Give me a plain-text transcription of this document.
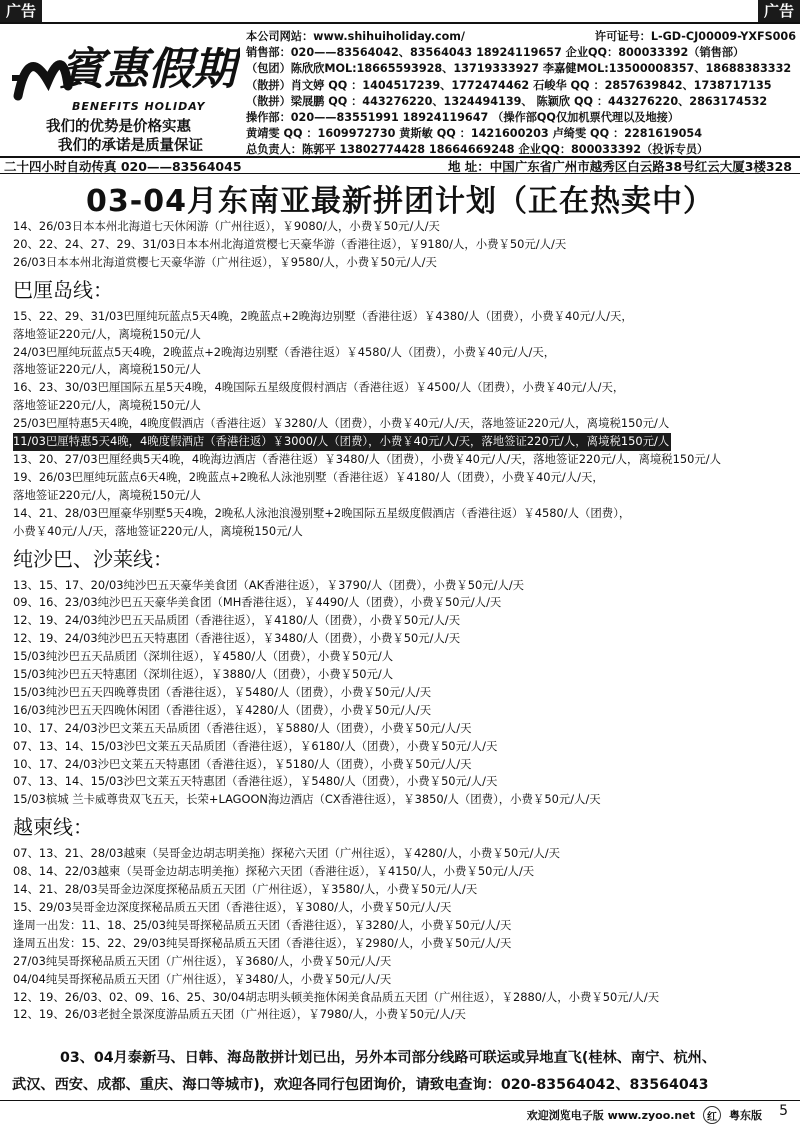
广告	广告
賓惠假期
BENEFITS HOLIDAY
我们的优势是价格实惠
我们的承诺是质量保证
本公司网站：www.shihuiholiday.com/	许可证号：L-GD-CJ00009-YXFS006
销售部：020——83564042、83564043 18924119657 企业QQ：800033392（销售部）
（包团）陈欣欣MOL:18665593928、13719333927 李嘉健MOL:13500008357、18688383332
（散拼）肖文婷 QQ ：1404517239、1772474462 石峻华 QQ ：2857639842、1738717135
（散拼）梁展鹏 QQ ：443276220、1324494139、 陈颖欣 QQ ：443276220、2863174532
操作部：020——83551991 18924119647 （操作部QQ仅加机票代理以及地接）
黄靖雯 QQ ：1609972730 黄斯敏 QQ ：1421600203 卢绮雯 QQ ：2281619054
总负责人：陈郭平 13802774428 18664669248 企业QQ：800033392（投诉专员）
二十四小时自动传真 020——83564045	地 址：中国广东省广州市越秀区白云路38号红云大厦3楼328
03-04月东南亚最新拼团计划（正在热卖中）
14、26/03日本本州北海道七天休闲游（广州往返），￥9080/人，小费￥50元/人/天
20、22、24、27、29、31/03日本本州北海道赏樱七天豪华游（香港往返），￥9180/人，小费￥50元/人/天
26/03日本本州北海道赏樱七天豪华游（广州往返），￥9580/人，小费￥50元/人/天
巴厘岛线：
15、22、29、31/03巴厘纯玩蓝点5天4晚，2晚蓝点+2晚海边别墅（香港往返）￥4380/人（团费），小费￥40元/人/天，
落地签证220元/人，离境税150元/人
24/03巴厘纯玩蓝点5天4晚，2晚蓝点+2晚海边别墅（香港往返）￥4580/人（团费），小费￥40元/人/天，
落地签证220元/人，离境税150元/人
16、23、30/03巴厘国际五星5天4晚，4晚国际五星级度假村酒店（香港往返）￥4500/人（团费），小费￥40元/人/天，
落地签证220元/人，离境税150元/人
25/03巴厘特惠5天4晚，4晚度假酒店（香港往返）￥3280/人（团费），小费￥40元/人/天，落地签证220元/人，离境税150元/人
11/03巴厘特惠5天4晚，4晚度假酒店（香港往返）￥3000/人（团费），小费￥40元/人/天，落地签证220元/人，离境税150元/人
13、20、27/03巴厘经典5天4晚，4晚海边酒店（香港往返）￥3480/人（团费），小费￥40元/人/天，落地签证220元/人，离境税150元/人
19、26/03巴厘纯玩蓝点6天4晚，2晚蓝点+2晚私人泳池别墅（香港往返）￥4180/人（团费），小费￥40元/人/天，
落地签证220元/人，离境税150元/人
14、21、28/03巴厘豪华别墅5天4晚，2晚私人泳池浪漫别墅+2晚国际五星级度假酒店（香港往返）￥4580/人（团费），
小费￥40元/人/天，落地签证220元/人，离境税150元/人
纯沙巴、沙莱线：
13、15、17、20/03纯沙巴五天豪华美食团（AK香港往返），￥3790/人（团费），小费￥50元/人/天
09、16、23/03纯沙巴五天豪华美食团（MH香港往返），￥4490/人（团费），小费￥50元/人/天
12、19、24/03纯沙巴五天品质团（香港往返），￥4180/人（团费），小费￥50元/人/天
12、19、24/03纯沙巴五天特惠团（香港往返），￥3480/人（团费），小费￥50元/人/天
15/03纯沙巴五天品质团（深圳往返），￥4580/人（团费），小费￥50元/人
15/03纯沙巴五天特惠团（深圳往返），￥3880/人（团费），小费￥50元/人
15/03纯沙巴五天四晚尊贵团（香港往返），￥5480/人（团费），小费￥50元/人/天
16/03纯沙巴五天四晚休闲团（香港往返），￥4280/人（团费），小费￥50元/人/天
10、17、24/03沙巴文莱五天品质团（香港往返），￥5880/人（团费），小费￥50元/人/天
07、13、14、15/03沙巴文莱五天品质团（香港往返），￥6180/人（团费），小费￥50元/人/天
10、17、24/03沙巴文莱五天特惠团（香港往返），￥5180/人（团费），小费￥50元/人/天
07、13、14、15/03沙巴文莱五天特惠团（香港往返），￥5480/人（团费），小费￥50元/人/天
15/03槟城 兰卡威尊贵双飞五天，长荣+LAGOON海边酒店（CX香港往返），￥3850/人（团费），小费￥50元/人/天
越柬线：
07、13、21、28/03越柬（吴哥金边胡志明美拖）探秘六天团（广州往返），￥4280/人，小费￥50元/人/天
08、14、22/03越柬（吴哥金边胡志明美拖）探秘六天团（香港往返），￥4150/人，小费￥50元/人/天
14、21、28/03吴哥金边深度探秘品质五天团（广州往返），￥3580/人，小费￥50元/人/天
15、29/03吴哥金边深度探秘品质五天团（香港往返），￥3080/人，小费￥50元/人/天
逢周一出发：11、18、25/03纯吴哥探秘品质五天团（香港往返），￥3280/人，小费￥50元/人/天
逢周五出发：15、22、29/03纯吴哥探秘品质五天团（香港往返），￥2980/人，小费￥50元/人/天
27/03纯吴哥探秘品质五天团（广州往返），￥3680/人，小费￥50元/人/天
04/04纯吴哥探秘品质五天团（广州往返），￥3480/人，小费￥50元/人/天
12、19、26/03、02、09、16、25、30/04胡志明头顿美拖休闲美食品质五天团（广州往返），￥2880/人，小费￥50元/人/天
12、19、26/03老挝全景深度游品质五天团（广州往返），￥7980/人，小费￥50元/人/天
03、04月泰新马、日韩、海岛散拼计划已出，另外本司部分线路可联运或异地直飞(桂林、南宁、杭州、
武汉、西安、成都、重庆、海口等城市)，欢迎各同行包团询价，请致电查询：020-83564042、83564043
欢迎浏览电子版 www.zyoo.net	红	粤东版 5
